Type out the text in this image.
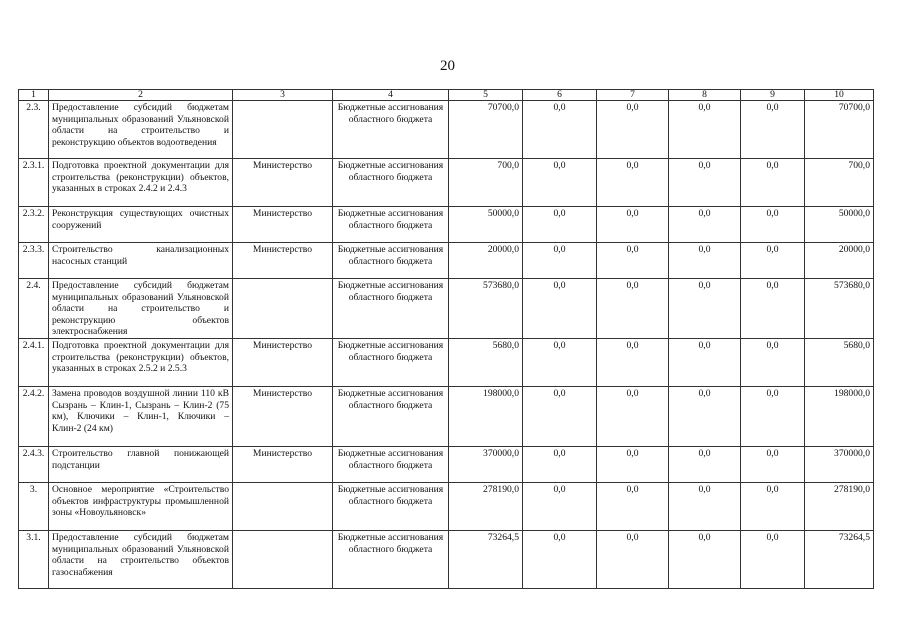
20
1	2	3	4	5	6	7	8	9	10
2.3.	Предоставление субсидий бюджетам муниципальных образований Ульяновской области на строительство и реконструкцию объектов водоотведения		Бюджетные ассигнования областного бюджета	70700,0	0,0	0,0	0,0	0,0	70700,0
2.3.1.	Подготовка проектной документации для строительства (реконструкции) объектов, указанных в строках 2.4.2 и 2.4.3	Министерство	Бюджетные ассигнования областного бюджета	700,0	0,0	0,0	0,0	0,0	700,0
2.3.2.	Реконструкция существующих очистных сооружений	Министерство	Бюджетные ассигнования областного бюджета	50000,0	0,0	0,0	0,0	0,0	50000,0
2.3.3.	Строительство канализационных насосных станций	Министерство	Бюджетные ассигнования областного бюджета	20000,0	0,0	0,0	0,0	0,0	20000,0
2.4.	Предоставление субсидий бюджетам муниципальных образований Ульяновской области на строительство и реконструкцию объектов электроснабжения		Бюджетные ассигнования областного бюджета	573680,0	0,0	0,0	0,0	0,0	573680,0
2.4.1.	Подготовка проектной документации для строительства (реконструкции) объектов, указанных в строках 2.5.2 и 2.5.3	Министерство	Бюджетные ассигнования областного бюджета	5680,0	0,0	0,0	0,0	0,0	5680,0
2.4.2.	Замена проводов воздушной линии 110 кВ Сызрань – Клин-1, Сызрань – Клин-2 (75 км), Ключики – Клин-1, Ключики – Клин-2 (24 км)	Министерство	Бюджетные ассигнования областного бюджета	198000,0	0,0	0,0	0,0	0,0	198000,0
2.4.3.	Строительство главной понижающей подстанции	Министерство	Бюджетные ассигнования областного бюджета	370000,0	0,0	0,0	0,0	0,0	370000,0
3.	Основное мероприятие «Строительство объектов инфраструктуры промышленной зоны «Новоульяновск»		Бюджетные ассигнования областного бюджета	278190,0	0,0	0,0	0,0	0,0	278190,0
3.1.	Предоставление субсидий бюджетам муниципальных образований Ульяновской области на строительство объектов газоснабжения		Бюджетные ассигнования областного бюджета	73264,5	0,0	0,0	0,0	0,0	73264,5
